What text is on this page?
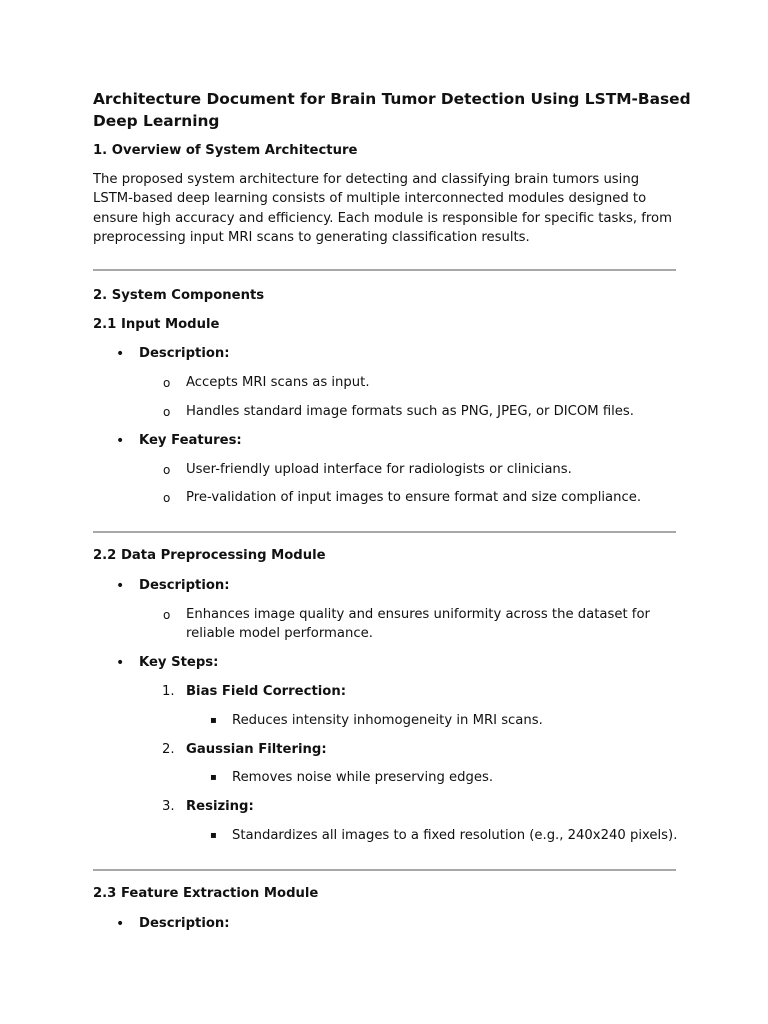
Architecture Document for Brain Tumor Detection Using LSTM-Based Deep Learning
1. Overview of System Architecture

The proposed system architecture for detecting and classifying brain tumors using LSTM-based deep learning consists of multiple interconnected modules designed to ensure high accuracy and efficiency. Each module is responsible for specific tasks, from preprocessing input MRI scans to generating classification results.

2. System Components
2.1 Input Module
• Description:
o Accepts MRI scans as input.
o Handles standard image formats such as PNG, JPEG, or DICOM files.
• Key Features:
o User-friendly upload interface for radiologists or clinicians.
o Pre-validation of input images to ensure format and size compliance.
2.2 Data Preprocessing Module
• Description:
o Enhances image quality and ensures uniformity across the dataset for reliable model performance.
• Key Steps:
1. Bias Field Correction:
▪ Reduces intensity inhomogeneity in MRI scans.
2. Gaussian Filtering:
▪ Removes noise while preserving edges.
3. Resizing:
▪ Standardizes all images to a fixed resolution (e.g., 240x240 pixels).
2.3 Feature Extraction Module
• Description:
